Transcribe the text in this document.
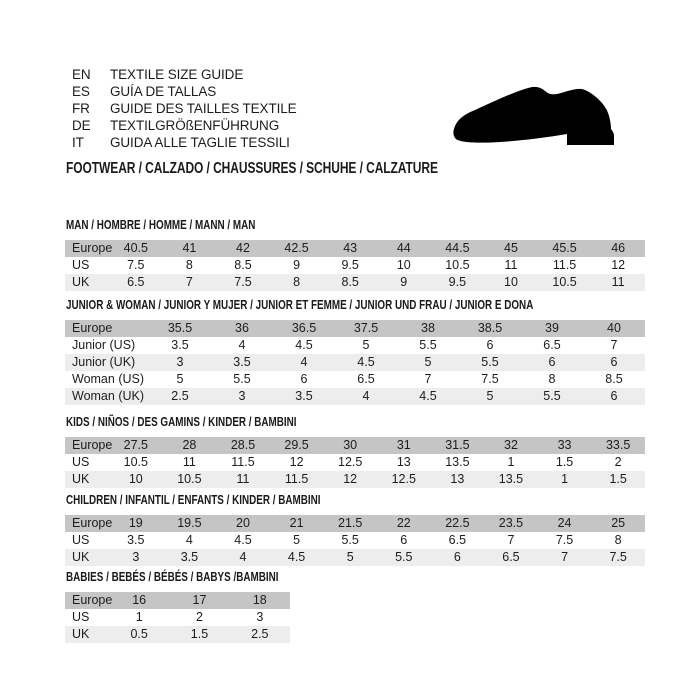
EN	TEXTILE SIZE GUIDE
ES	GUÍA DE TALLAS
FR	GUIDE DES TAILLES TEXTILE
DE	TEXTILGRÖßENFÜHRUNG
IT	GUIDA ALLE TAGLIE TESSILI
FOOTWEAR / CALZADO / CHAUSSURES / SCHUHE / CALZATURE
MAN / HOMBRE / HOMME / MANN / MAN
Europe 40.5	41	42	42.5	43	44	44.5	45	45.5	46
US	7.5	8	8.5	9	9.5	10	10.5	11	11.5	12
UK	6.5	7	7.5	8	8.5	9	9.5	10	10.5	11
JUNIOR & WOMAN / JUNIOR Y MUJER / JUNIOR ET FEMME / JUNIOR UND FRAU / JUNIOR E DONA
Europe	35.5	36	36.5	37.5	38	38.5	39	40
Junior (US)	3.5	4	4.5	5	5.5	6	6.5	7
Junior (UK)	3	3.5	4	4.5	5	5.5	6	6
Woman (US)	5	5.5	6	6.5	7	7.5	8	8.5
Woman (UK)	2.5	3	3.5	4	4.5	5	5.5	6
KIDS / NIÑOS / DES GAMINS / KINDER / BAMBINI
Europe 27.5	28	28.5	29.5	30	31	31.5	32	33	33.5
US	10.5	11	11.5	12	12.5	13	13.5	1	1.5	2
UK	10	10.5	11	11.5	12	12.5	13	13.5	1	1.5
CHILDREN / INFANTIL / ENFANTS / KINDER / BAMBINI
Europe	19	19.5	20	21	21.5	22	22.5	23.5	24	25
US	3.5	4	4.5	5	5.5	6	6.5	7	7.5	8
UK	3	3.5	4	4.5	5	5.5	6	6.5	7	7.5
BABIES / BEBÉS / BÉBÉS / BABYS /BAMBINI
Europe	16	17	18
US	1	2	3
UK	0.5	1.5	2.5
